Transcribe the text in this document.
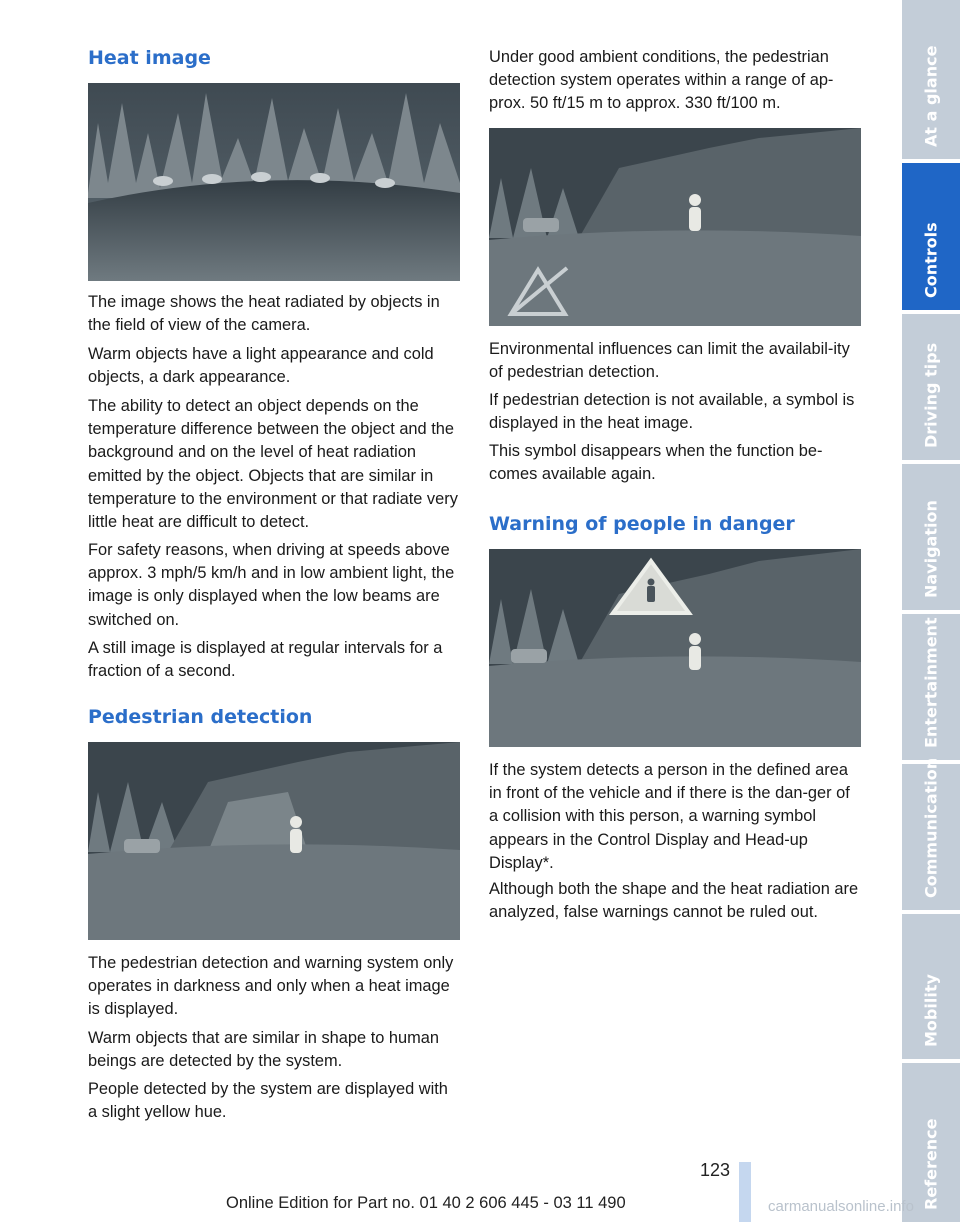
Heat image

The image shows the heat radiated by objects in the field of view of the camera.

Warm objects have a light appearance and cold objects, a dark appearance.

The ability to detect an object depends on the temperature difference between the object and the background and on the level of heat radiation emitted by the object. Objects that are similar in temperature to the environment or that radiate very little heat are difficult to detect.

For safety reasons, when driving at speeds above approx. 3 mph/5 km/h and in low ambient light, the image is only displayed when the low beams are switched on.

A still image is displayed at regular intervals for a fraction of a second.

Pedestrian detection

The pedestrian detection and warning system only operates in darkness and only when a heat image is displayed.

Warm objects that are similar in shape to human beings are detected by the system.

People detected by the system are displayed with a slight yellow hue.

Under good ambient conditions, the pedestrian detection system operates within a range of ap-prox. 50 ft/15 m to approx. 330 ft/100 m.

Environmental influences can limit the availabil-ity of pedestrian detection.

If pedestrian detection is not available, a symbol is displayed in the heat image.

This symbol disappears when the function be-comes available again.

Warning of people in danger

If the system detects a person in the defined area in front of the vehicle and if there is the dan-ger of a collision with this person, a warning symbol appears in the Control Display and Head-up Display*.

Although both the shape and the heat radiation are analyzed, false warnings cannot be ruled out.

At a glance
Controls
Driving tips
Navigation
Entertainment
Communication
Mobility
Reference
123
Online Edition for Part no. 01 40 2 606 445 - 03 11 490	carmanualsonline.info
